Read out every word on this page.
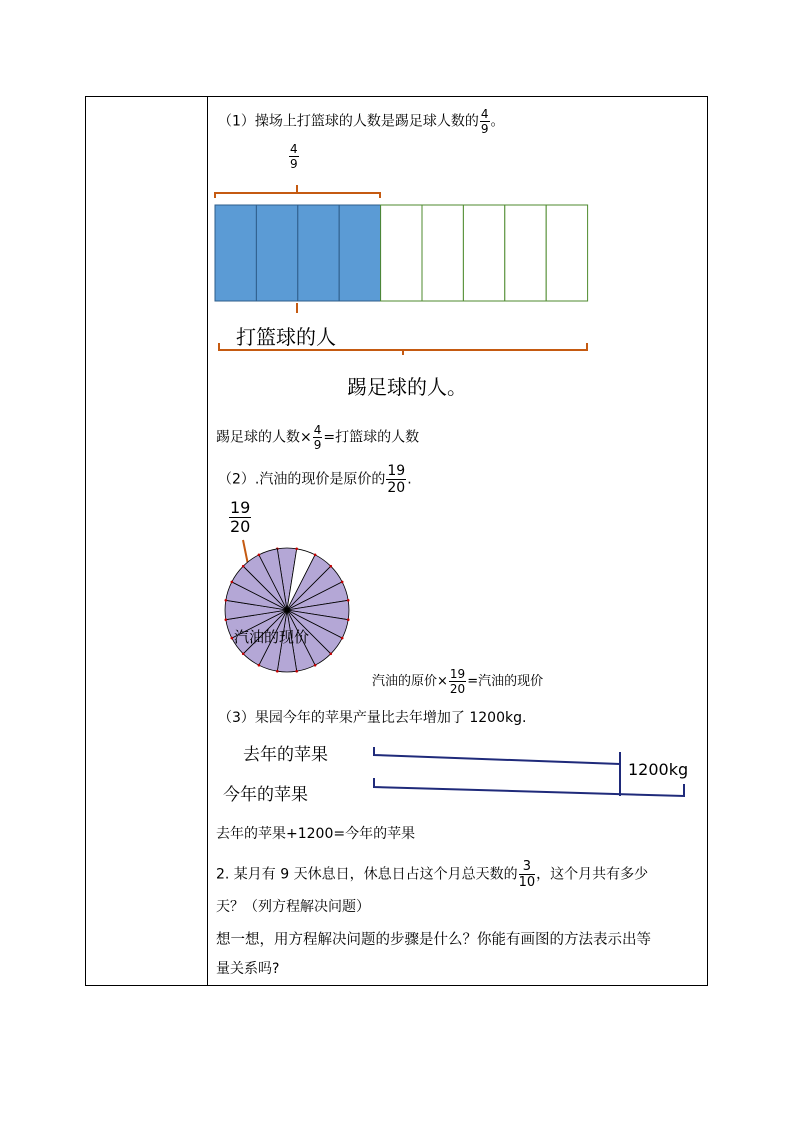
（1）操场上打篮球的人数是踢足球人数的 $\frac{4}{9}$ 。
$\frac{4}{9}$
打篮球的人
踢足球的人。
踢足球的人数× $\frac{4}{9}$ =打篮球的人数
（2）.汽油的现价是原价的 $\frac{19}{20}$ .
$\frac{19}{20}$
汽油的现价
汽油的原价× $\frac{19}{20}$ =汽油的现价
（3）果园今年的苹果产量比去年增加了 1200kg.
去年的苹果
今年的苹果
1200kg
去年的苹果+1200=今年的苹果
2. 某月有 9 天休息日，休息日占这个月总天数的 $\frac{3}{10}$ ，这个月共有多少
天？（列方程解决问题）
想一想，用方程解决问题的步骤是什么？你能有画图的方法表示出等
量关系吗?
